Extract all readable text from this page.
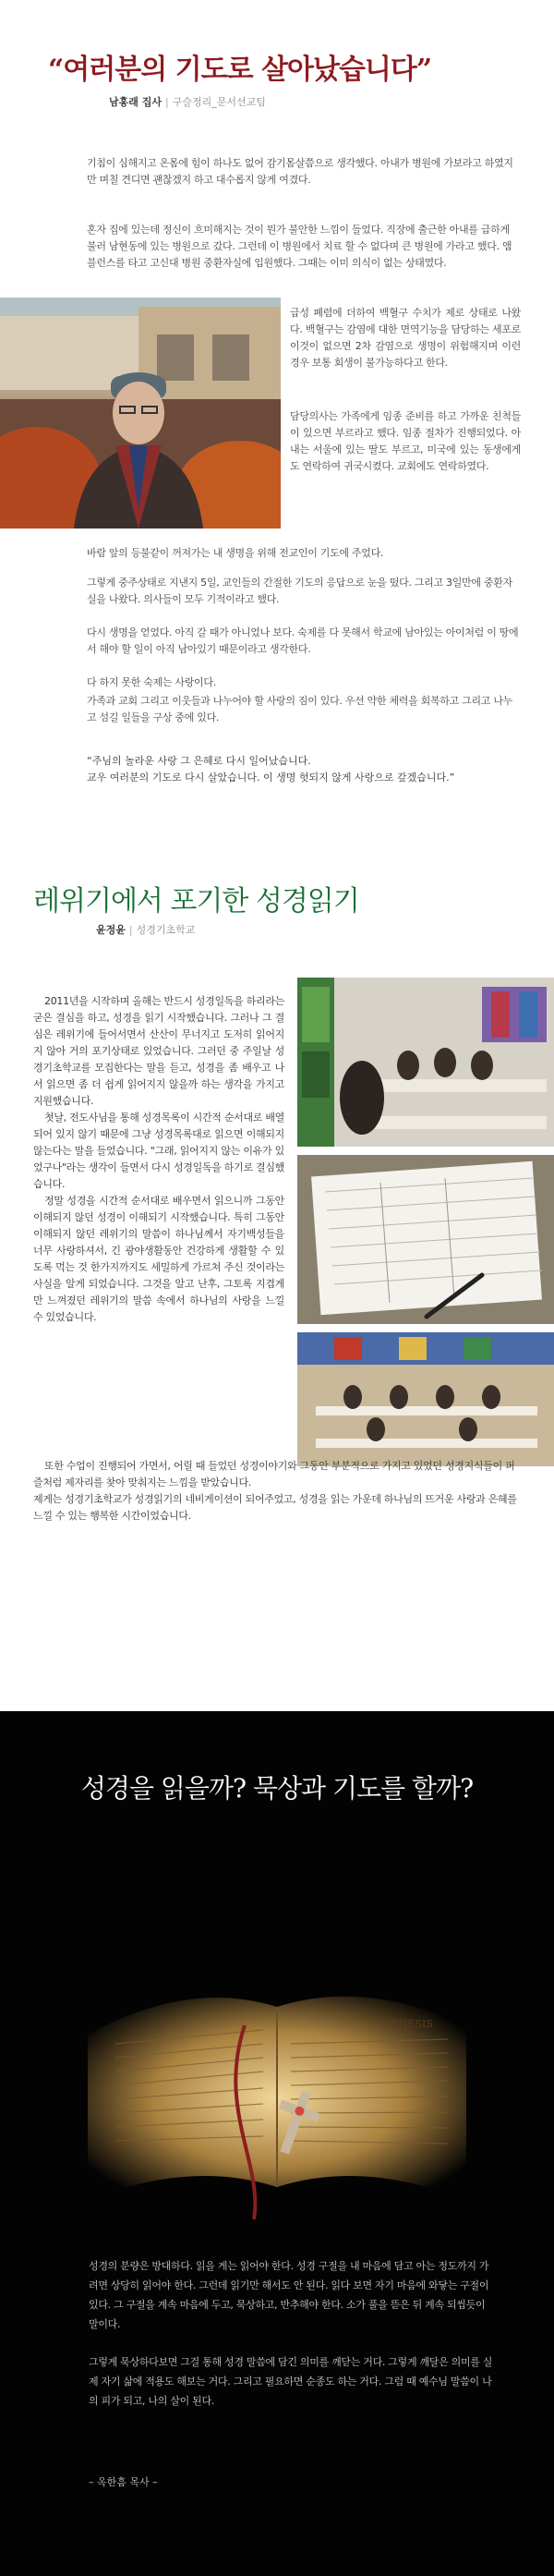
“여러분의 기도로 살아났습니다”
남홍래 집사 | 구슬정리_문서선교팀
기침이 심해지고 온몸에 힘이 하나도 없어 감기몸살쯤으로 생각했다. 아내가 병원에 가보라고 하였지만 며칠 견디면 괜찮겠지 하고 대수롭지 않게 여겼다.
혼자 집에 있는데 정신이 흐미해지는 것이 뭔가 불안한 느낌이 들었다. 직장에 출근한 아내를 급하게 불러 남현동에 있는 병원으로 갔다. 그런데 이 병원에서 치료 할 수 없다며 큰 병원에 가라고 했다. 앰블런스를 타고 고신대 병원 중환자실에 입원했다. 그때는 이미 의식이 없는 상태였다.
급성 폐렴에 더하여 백혈구 수치가 제로 상태로 나왔다. 백혈구는 감염에 대한 면역기능을 담당하는 세포로 이것이 없으면 2차 감염으로 생명이 위험해지며 이런 경우 보통 회생이 불가능하다고 한다.
담당의사는 가족에게 임종 준비를 하고 가까운 친척들이 있으면 부르라고 했다. 임종 절차가 진행되었다. 아내는 서울에 있는 딸도 부르고, 미국에 있는 동생에게도 연락하여 귀국시켰다. 교회에도 연락하였다.
바람 앞의 등불같이 꺼져가는 내 생명을 위해 전교인이 기도에 주었다.
그렇게 중주상태로 지낸지 5일, 교인들의 간절한 기도의 응답으로 눈을 떴다. 그리고 3일만에 중환자실을 나왔다. 의사들이 모두 기적이라고 했다.
다시 생명을 얻었다. 아직 갈 때가 아니었나 보다. 숙제를 다 못해서 학교에 남아있는 아이처럼 이 땅에서 해야 할 일이 아직 남아있기 때문이라고 생각한다.
다 하지 못한 숙제는 사랑이다.
가족과 교회 그리고 이웃들과 나누어야 할 사랑의 짐이 있다. 우선 약한 체력을 회복하고 그리고 나누고 섬길 일들을 구상 중에 있다.
“주님의 놀라운 사랑 그 은혜로 다시 일어났습니다.
교우 여러분의 기도로 다시 살았습니다. 이 생명 헛되지 않게 사랑으로 갚겠습니다.”
레위기에서 포기한 성경읽기
윤정윤 | 성경기초학교

2011년을 시작하며 올해는 반드시 성경일독을 하리라는 굳은 결심을 하고, 성경을 읽기 시작했습니다. 그러나 그 결심은 레위기에 들어서면서 산산이 무너지고 도저히 읽어지지 않아 거의 포기상태로 있었습니다. 그러던 중 주일날 성경기초학교를 모집한다는 말을 듣고, 성경을 좀 배우고 나서 읽으면 좀 더 쉽게 읽어지지 않을까 하는 생각을 가지고 지원했습니다.

첫날, 전도사님을 통해 성경목록이 시간적 순서대로 배열되어 있지 않기 때문에 그냥 성경목록대로 읽으면 이해되지 않는다는 말을 들었습니다. "그래, 읽어지지 않는 이유가 있었구나"라는 생각이 들면서 다시 성경일독을 하기로 결심했습니다.

정말 성경을 시간적 순서대로 배우면서 읽으니까 그동안 이해되지 않던 성경이 이해되기 시작했습니다. 특히 그동안 이해되지 않던 레위기의 말씀이 하나님께서 자기백성들을 너무 사랑하셔서, 긴 광야생활동안 건강하게 생활할 수 있도록 먹는 것 한가지까지도 세밀하게 가르쳐 주신 것이라는 사실을 알게 되었습니다. 그것을 알고 난후, 그토록 지겹게만 느껴졌던 레위기의 말씀 속에서 하나님의 사랑을 느낄 수 있었습니다.

또한 수업이 진행되어 가면서, 어릴 때 들었던 성경이야기와 그동안 부분적으로 가지고 있었던 성경지식들이 퍼즐처럼 제자리를 찾아 맞춰지는 느낌을 받았습니다.

제게는 성경기초학교가 성경읽기의 네비게이션이 되어주었고, 성경을 읽는 가운데 하나님의 뜨거운 사랑과 은혜를 느낄 수 있는 행복한 시간이었습니다.

성경을 읽을까? 묵상과 기도를 할까?
GENESIS

성경의 분량은 방대하다. 읽을 게는 읽어야 한다. 성경 구절을 내 마음에 담고 아는 정도까지 가려면 상당히 읽어야 한다. 그런데 읽기만 해서도 안 된다. 읽다 보면 자기 마음에 와닿는 구절이 있다. 그 구절을 계속 마음에 두고, 묵상하고, 반추해야 한다. 소가 풀을 뜯은 뒤 계속 되씹듯이 말이다.

그렇게 묵상하다보면 그걸 통해 성경 말씀에 담긴 의미를 깨닫는 거다. 그렇게 깨달은 의미를 실제 자기 삶에 적용도 해보는 거다. 그리고 필요하면 순종도 하는 거다. 그럼 때 예수님 말씀이 나의 피가 되고, 나의 살이 된다.

– 옥한흠 목사 –
